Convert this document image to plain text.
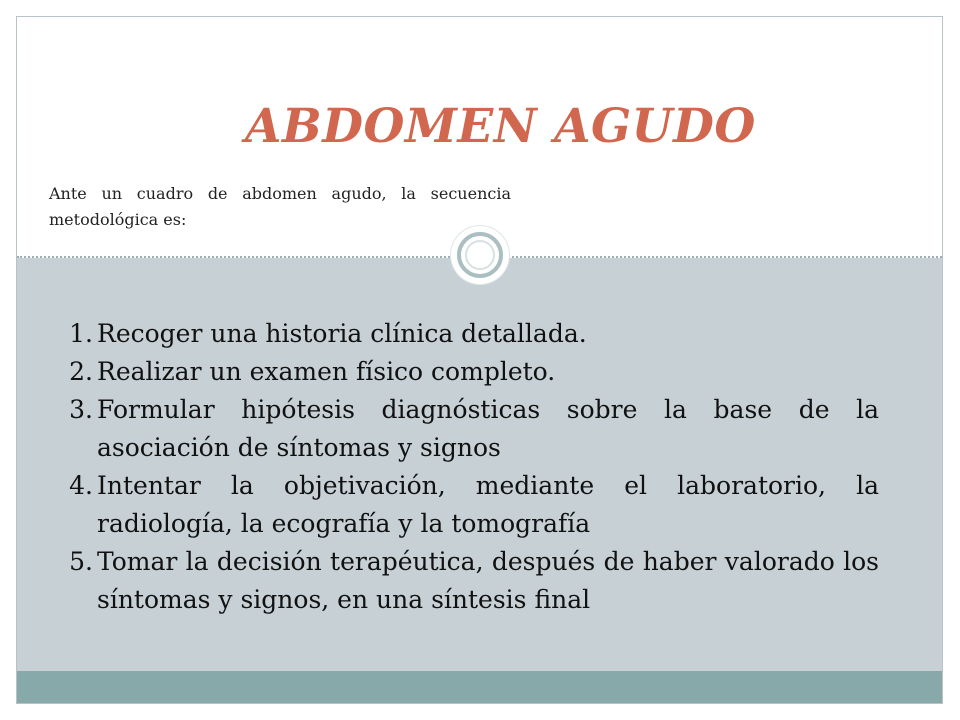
ABDOMEN AGUDO

Ante un cuadro de abdomen agudo, la secuencia metodológica es:

1. Recoger una historia clínica detallada.
2. Realizar un examen físico completo.
3. Formular hipótesis diagnósticas sobre la base de la asociación de síntomas y signos
4. Intentar la objetivación, mediante el laboratorio, la radiología, la ecografía y la tomografía
5. Tomar la decisión terapéutica, después de haber valorado los síntomas y signos, en una síntesis final
